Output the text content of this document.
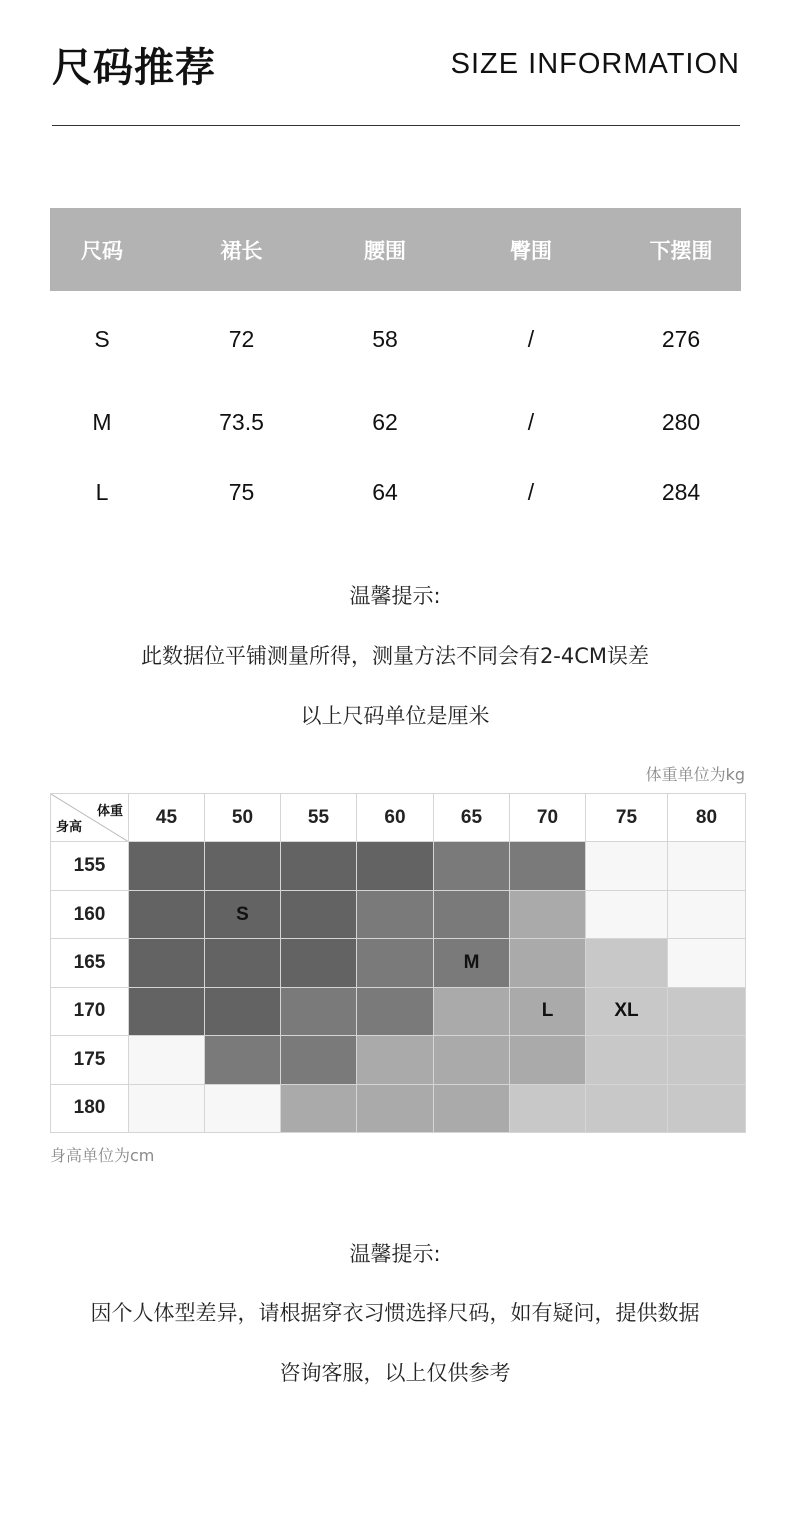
尺码推荐	SIZE INFORMATION
尺码	裙长	腰围	臀围	下摆围
S	72	58	/	276
M	73.5	62	/	280
L	75	64	/	284
温馨提示:
此数据位平铺测量所得，测量方法不同会有2-4CM误差
以上尺码单位是厘米
体重单位为kg
体重
身高	45	50	55	60	65	70	75	80
155								
160		S						
165					M			
170						L	XL	
175								
180								
身高单位为cm
温馨提示:
因个人体型差异，请根据穿衣习惯选择尺码，如有疑问，提供数据
咨询客服，以上仅供参考
